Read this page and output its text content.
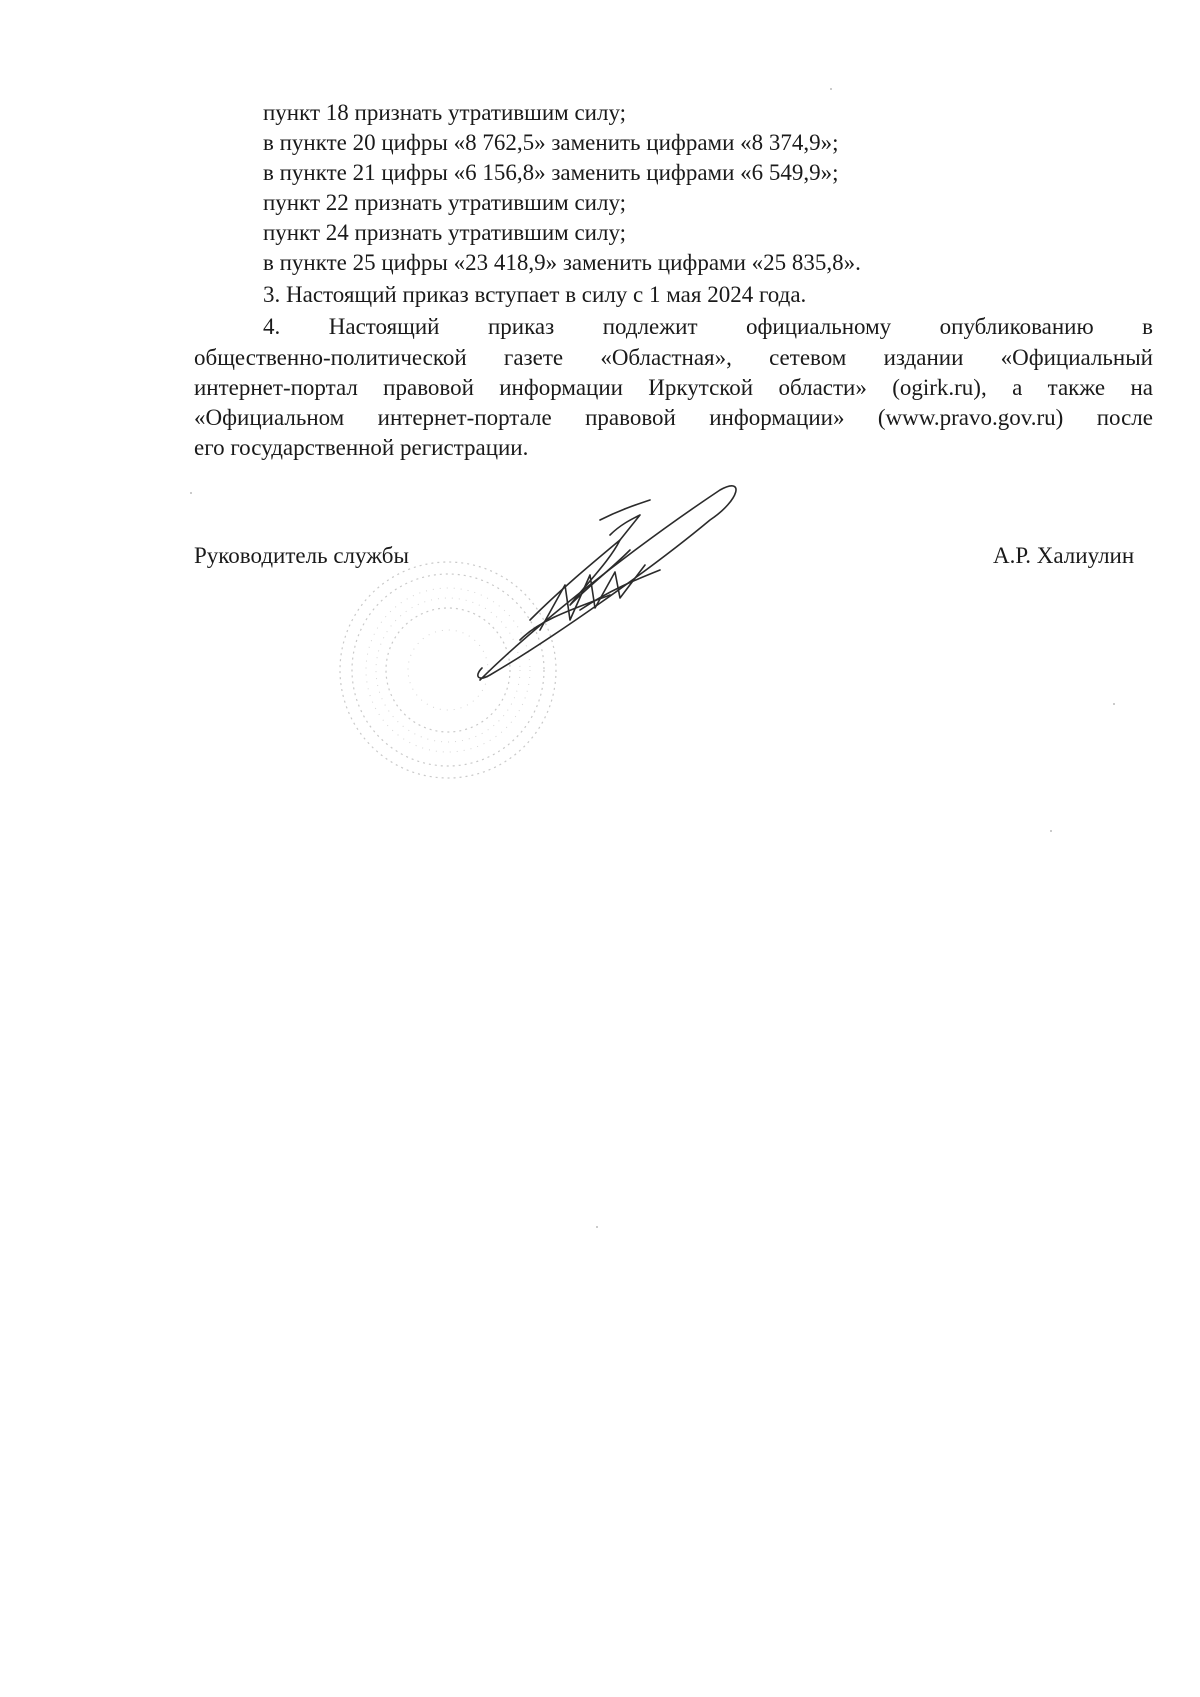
пункт 18 признать утратившим силу;
в пункте 20 цифры «8 762,5» заменить цифрами «8 374,9»;
в пункте 21 цифры «6 156,8» заменить цифрами «6 549,9»;
пункт 22 признать утратившим силу;
пункт 24 признать утратившим силу;
в пункте 25 цифры «23 418,9» заменить цифрами «25 835,8».
3. Настоящий приказ вступает в силу с 1 мая 2024 года.
4. Настоящий приказ подлежит официальному опубликованию в
общественно-политической газете «Областная», сетевом издании «Официальный
интернет-портал правовой информации Иркутской области» (ogirk.ru), а также на
«Официальном интернет-портале правовой информации» (www.pravo.gov.ru) после
его государственной регистрации.
Руководитель службы	А.Р. Халиулин
